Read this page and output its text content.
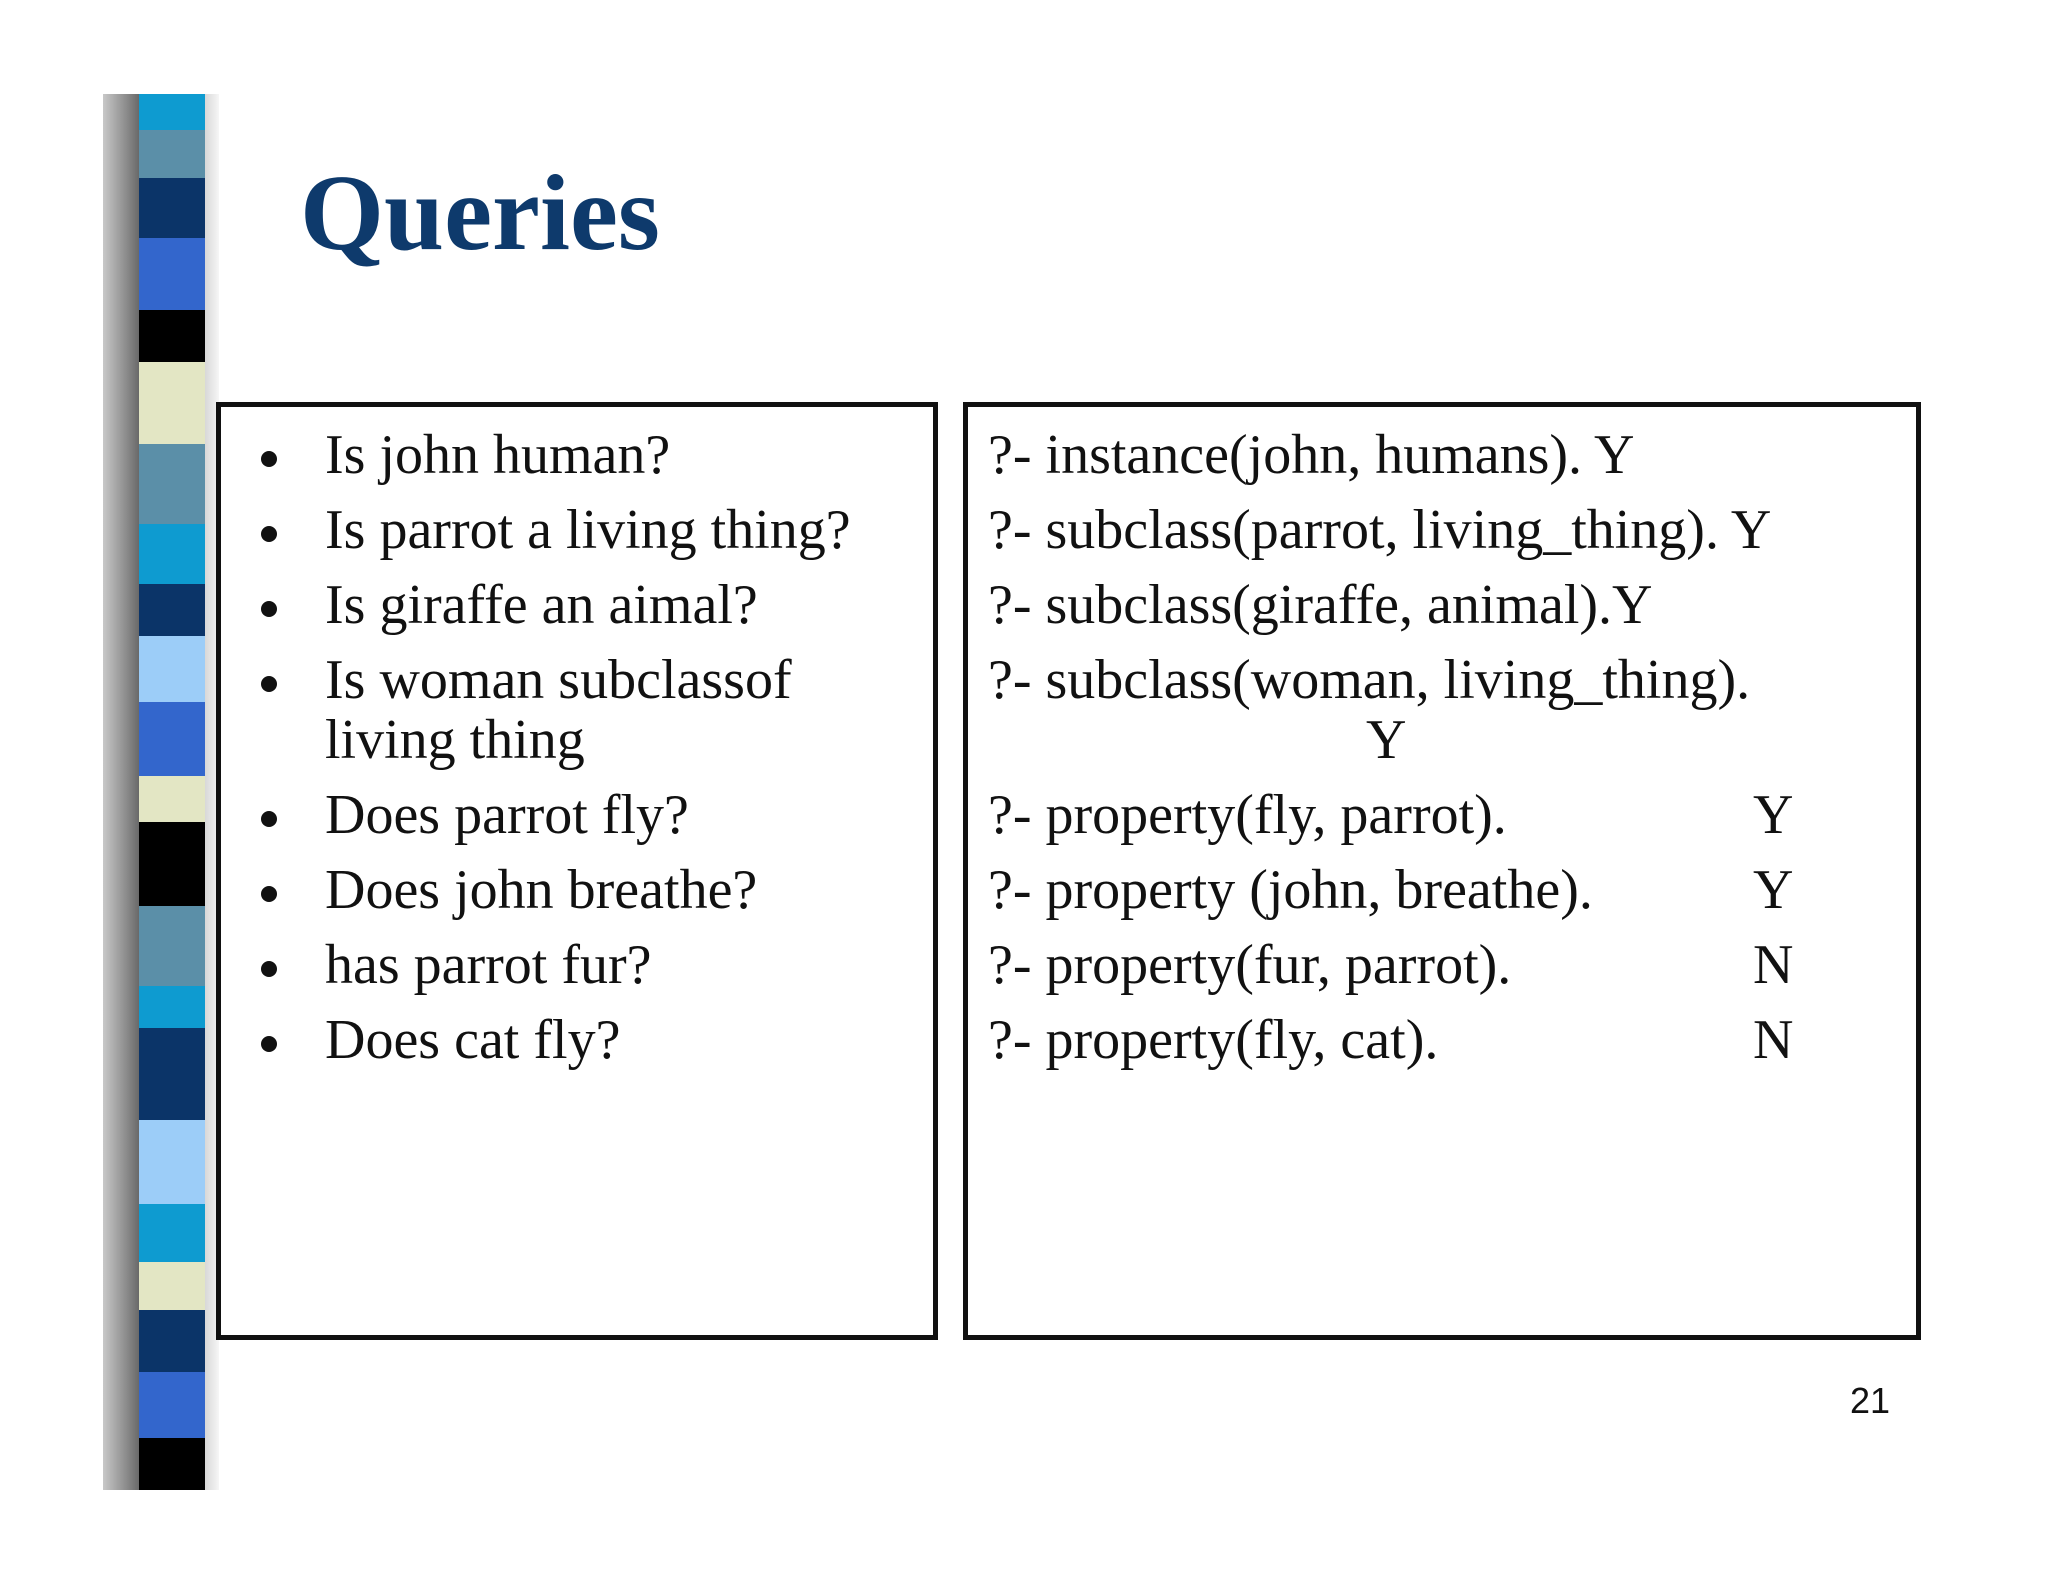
Queries
Is john human?
Is parrot a living thing?
Is giraffe an aimal?
Is woman subclassof living thing
Does parrot fly?
Does john breathe?
has parrot fur?
Does cat fly?
?- instance(john, humans). Y
?- subclass(parrot, living_thing). Y
?- subclass(giraffe, animal).Y
?- subclass(woman, living_thing).
Y
?- property(fly, parrot).	Y
?- property (john, breathe).	Y
?- property(fur, parrot).	N
?- property(fly, cat).	N
21
